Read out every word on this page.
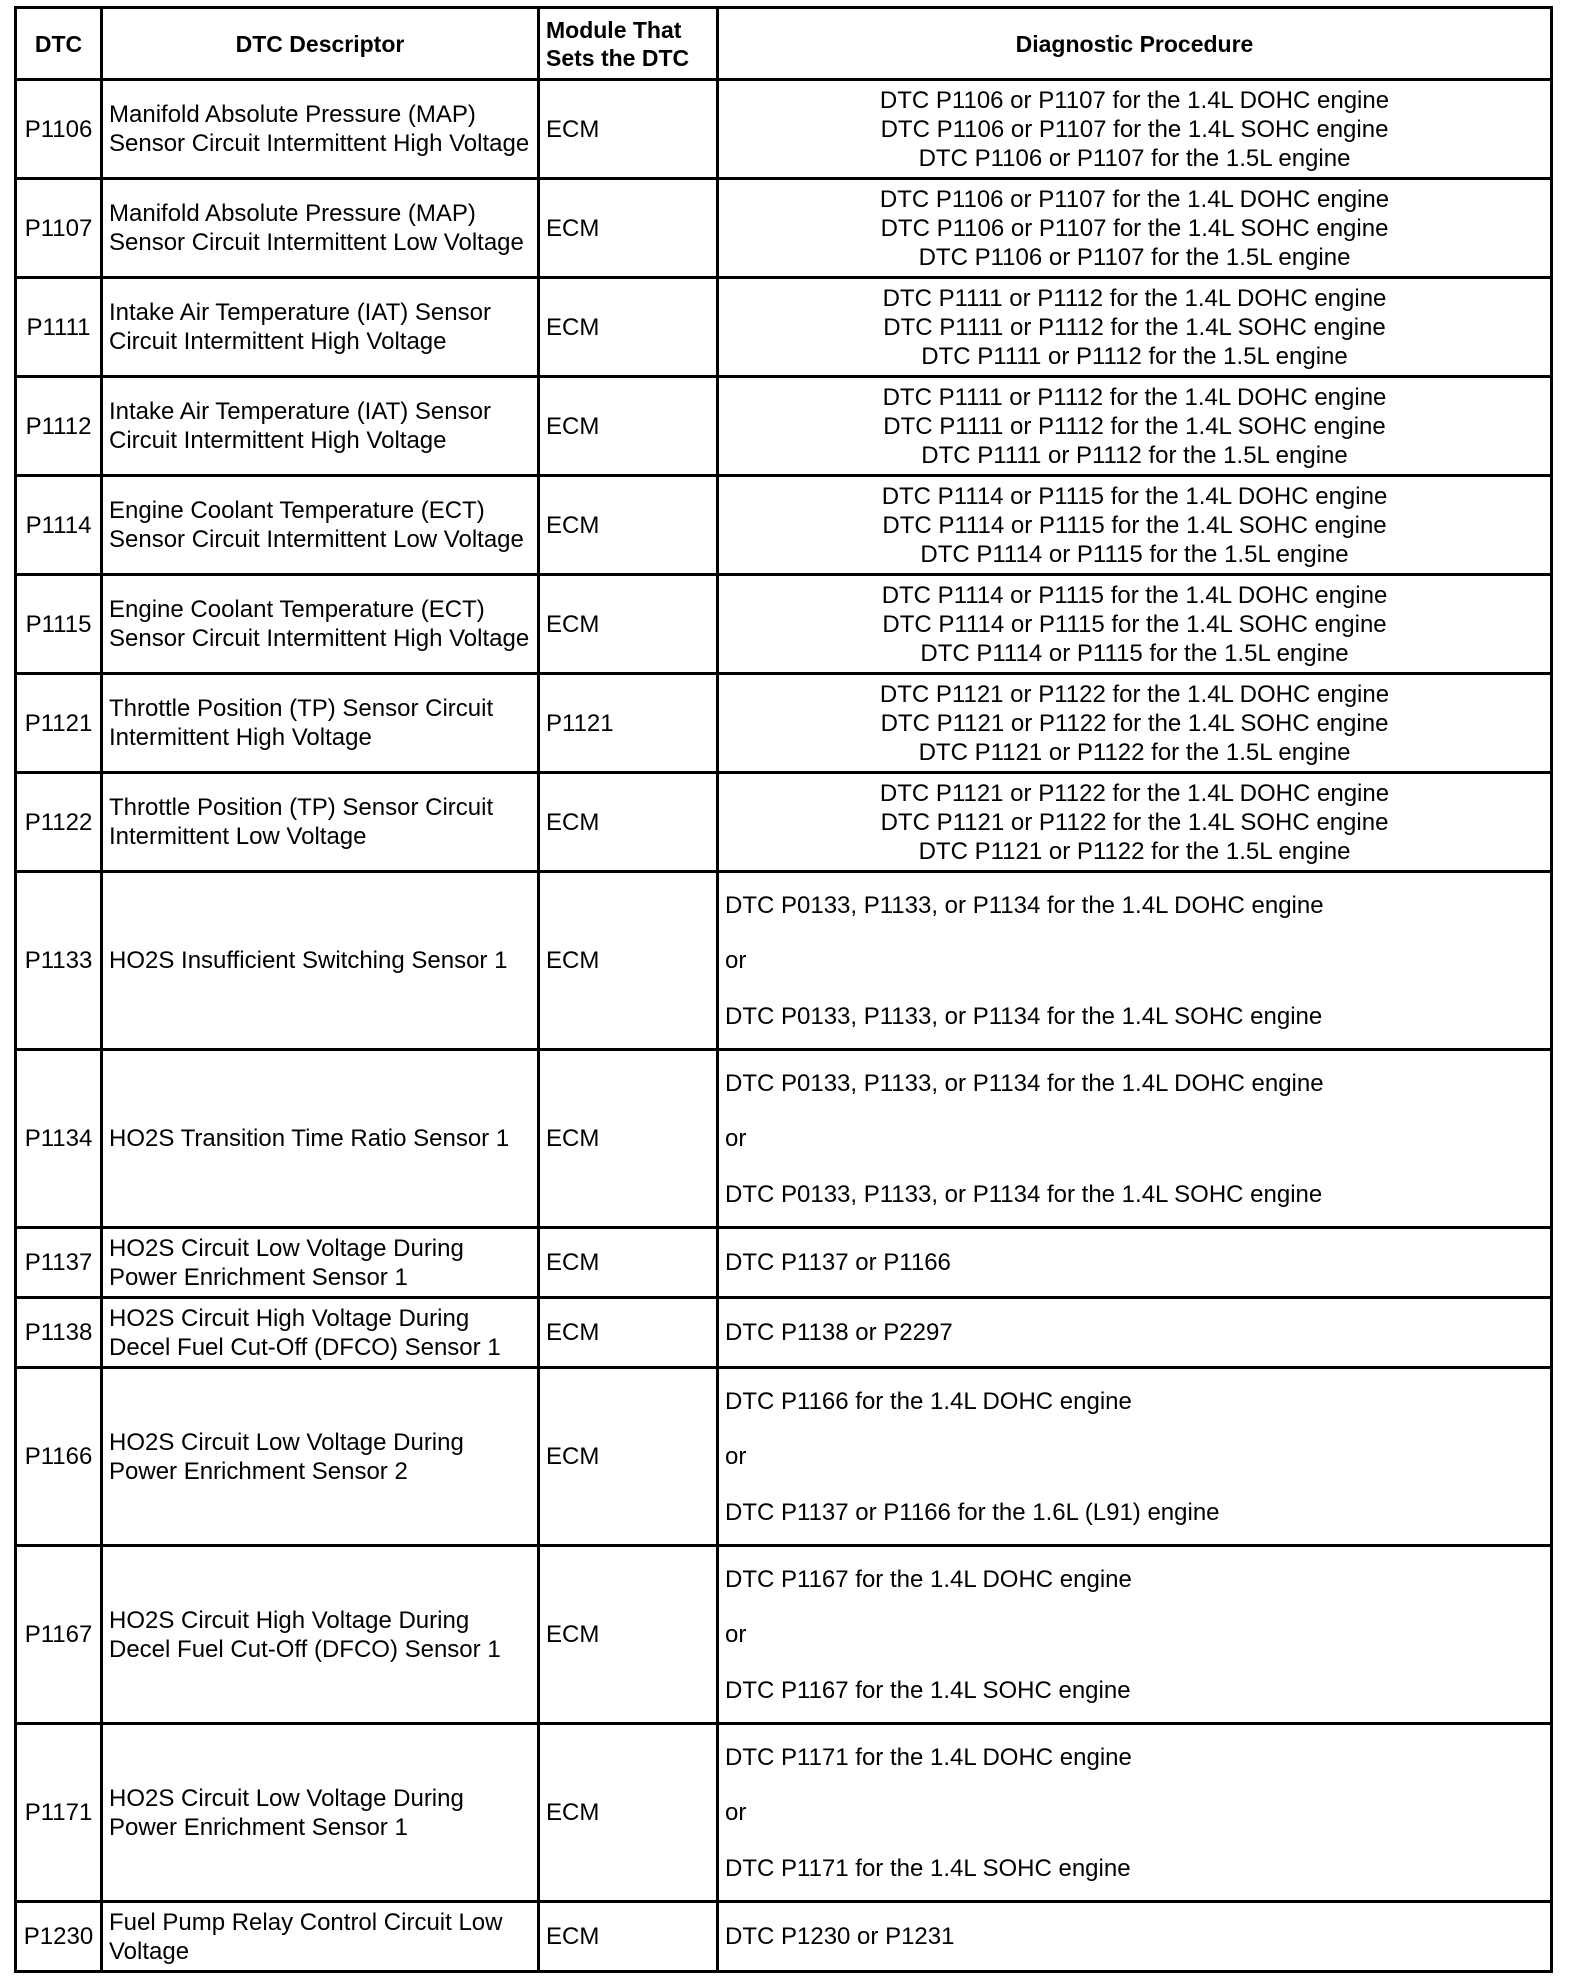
DTC	DTC Descriptor	Module That
Sets the DTC	Diagnostic Procedure
P1106	Manifold Absolute Pressure (MAP) Sensor Circuit Intermittent High Voltage	ECM	DTC P1106 or P1107 for the 1.4L DOHC engine
DTC P1106 or P1107 for the 1.4L SOHC engine
DTC P1106 or P1107 for the 1.5L engine

P1107	Manifold Absolute Pressure (MAP) Sensor Circuit Intermittent Low Voltage	ECM	DTC P1106 or P1107 for the 1.4L DOHC engine
DTC P1106 or P1107 for the 1.4L SOHC engine
DTC P1106 or P1107 for the 1.5L engine

P1111	Intake Air Temperature (IAT) Sensor Circuit Intermittent High Voltage	ECM	DTC P1111 or P1112 for the 1.4L DOHC engine
DTC P1111 or P1112 for the 1.4L SOHC engine
DTC P1111 or P1112 for the 1.5L engine

P1112	Intake Air Temperature (IAT) Sensor Circuit Intermittent High Voltage	ECM	DTC P1111 or P1112 for the 1.4L DOHC engine
DTC P1111 or P1112 for the 1.4L SOHC engine
DTC P1111 or P1112 for the 1.5L engine

P1114	Engine Coolant Temperature (ECT) Sensor Circuit Intermittent Low Voltage	ECM	DTC P1114 or P1115 for the 1.4L DOHC engine
DTC P1114 or P1115 for the 1.4L SOHC engine
DTC P1114 or P1115 for the 1.5L engine

P1115	Engine Coolant Temperature (ECT) Sensor Circuit Intermittent High Voltage	ECM	DTC P1114 or P1115 for the 1.4L DOHC engine
DTC P1114 or P1115 for the 1.4L SOHC engine
DTC P1114 or P1115 for the 1.5L engine

P1121	Throttle Position (TP) Sensor Circuit Intermittent High Voltage	P1121	DTC P1121 or P1122 for the 1.4L DOHC engine
DTC P1121 or P1122 for the 1.4L SOHC engine
DTC P1121 or P1122 for the 1.5L engine

P1122	Throttle Position (TP) Sensor Circuit Intermittent Low Voltage	ECM	DTC P1121 or P1122 for the 1.4L DOHC engine
DTC P1121 or P1122 for the 1.4L SOHC engine
DTC P1121 or P1122 for the 1.5L engine

P1133	HO2S Insufficient Switching Sensor 1	ECM	DTC P0133, P1133, or P1134 for the 1.4L DOHC engine
or
DTC P0133, P1133, or P1134 for the 1.4L SOHC engine

P1134	HO2S Transition Time Ratio Sensor 1	ECM	DTC P0133, P1133, or P1134 for the 1.4L DOHC engine
or
DTC P0133, P1133, or P1134 for the 1.4L SOHC engine

P1137	HO2S Circuit Low Voltage During Power Enrichment Sensor 1	ECM	DTC P1137 or P1166

P1138	HO2S Circuit High Voltage During Decel Fuel Cut-Off (DFCO) Sensor 1	ECM	DTC P1138 or P2297

P1166	HO2S Circuit Low Voltage During Power Enrichment Sensor 2	ECM	DTC P1166 for the 1.4L DOHC engine
or
DTC P1137 or P1166 for the 1.6L (L91) engine

P1167	HO2S Circuit High Voltage During Decel Fuel Cut-Off (DFCO) Sensor 1	ECM	DTC P1167 for the 1.4L DOHC engine
or
DTC P1167 for the 1.4L SOHC engine

P1171	HO2S Circuit Low Voltage During Power Enrichment Sensor 1	ECM	DTC P1171 for the 1.4L DOHC engine
or
DTC P1171 for the 1.4L SOHC engine

P1230	Fuel Pump Relay Control Circuit Low Voltage	ECM	DTC P1230 or P1231
